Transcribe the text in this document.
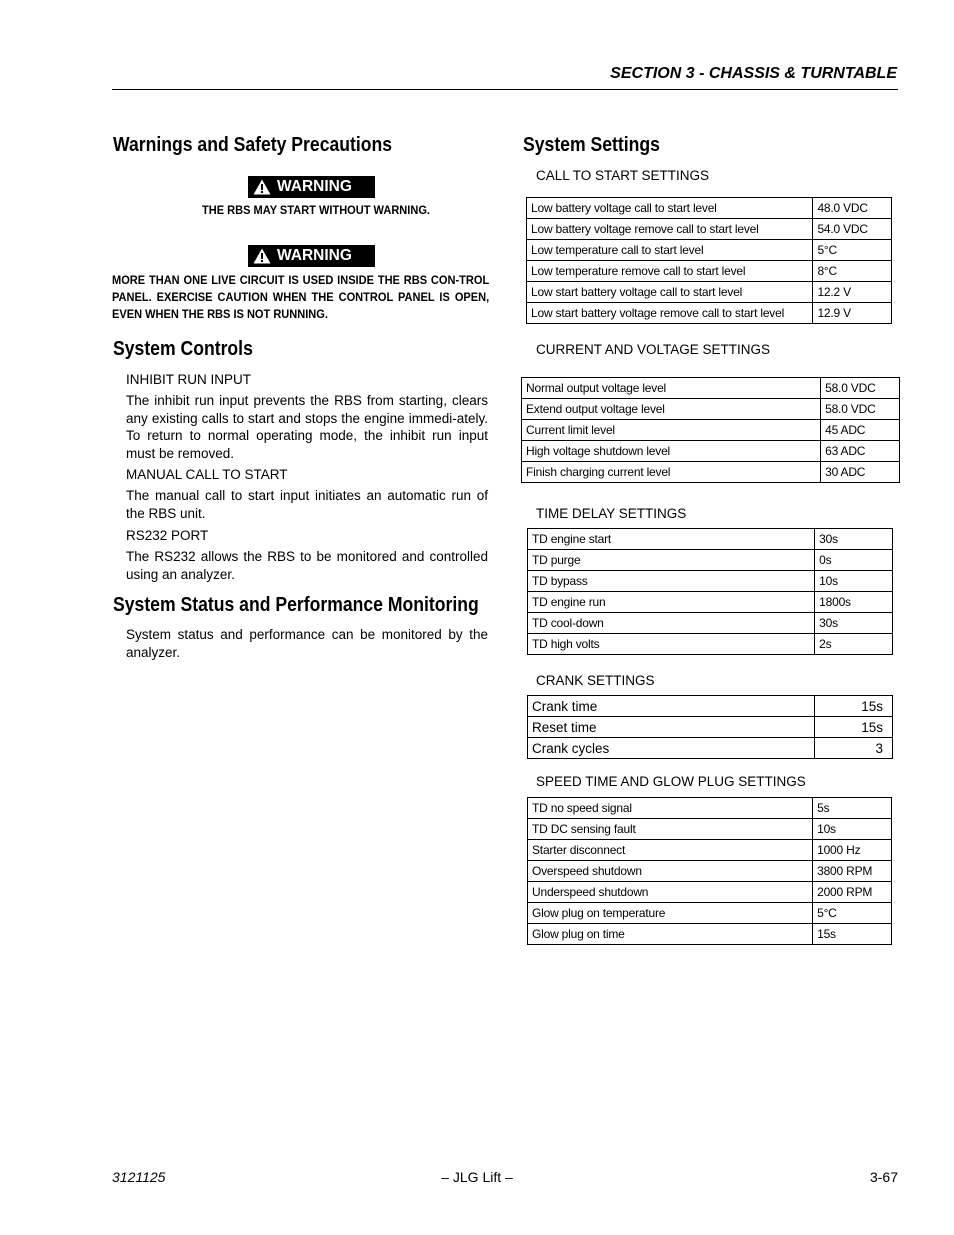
SECTION 3 - CHASSIS & TURNTABLE
Warnings and Safety Precautions
WARNING
THE RBS MAY START WITHOUT WARNING.
WARNING
MORE THAN ONE LIVE CIRCUIT IS USED INSIDE THE RBS CON-TROL PANEL. EXERCISE CAUTION WHEN THE CONTROL PANEL IS OPEN, EVEN WHEN THE RBS IS NOT RUNNING.
System Controls
INHIBIT RUN INPUT
The inhibit run input prevents the RBS from starting, clears any existing calls to start and stops the engine immedi-ately. To return to normal operating mode, the inhibit run input must be removed.
MANUAL CALL TO START
The manual call to start input initiates an automatic run of the RBS unit.
RS232 PORT
The RS232 allows the RBS to be monitored and controlled using an analyzer.
System Status and Performance Monitoring
System status and performance can be monitored by the analyzer.
System Settings
CALL TO START SETTINGS
Low battery voltage call to start level	48.0 VDC
Low battery voltage remove call to start level	54.0 VDC
Low temperature call to start level	5°C
Low temperature remove call to start level	8°C
Low start battery voltage call to start level	12.2 V
Low start battery voltage remove call to start level	12.9 V
CURRENT AND VOLTAGE SETTINGS
Normal output voltage level	58.0 VDC
Extend output voltage level	58.0 VDC
Current limit level	45 ADC
High voltage shutdown level	63 ADC
Finish charging current level	30 ADC
TIME DELAY SETTINGS
TD engine start	30s
TD purge	0s
TD bypass	10s
TD engine run	1800s
TD cool-down	30s
TD high volts	2s
CRANK SETTINGS
Crank time	15s
Reset time	15s
Crank cycles	3
SPEED TIME AND GLOW PLUG SETTINGS
TD no speed signal	5s
TD DC sensing fault	10s
Starter disconnect	1000 Hz
Overspeed shutdown	3800 RPM
Underspeed shutdown	2000 RPM
Glow plug on temperature	5°C
Glow plug on time	15s
3121125	– JLG Lift –	3-67
